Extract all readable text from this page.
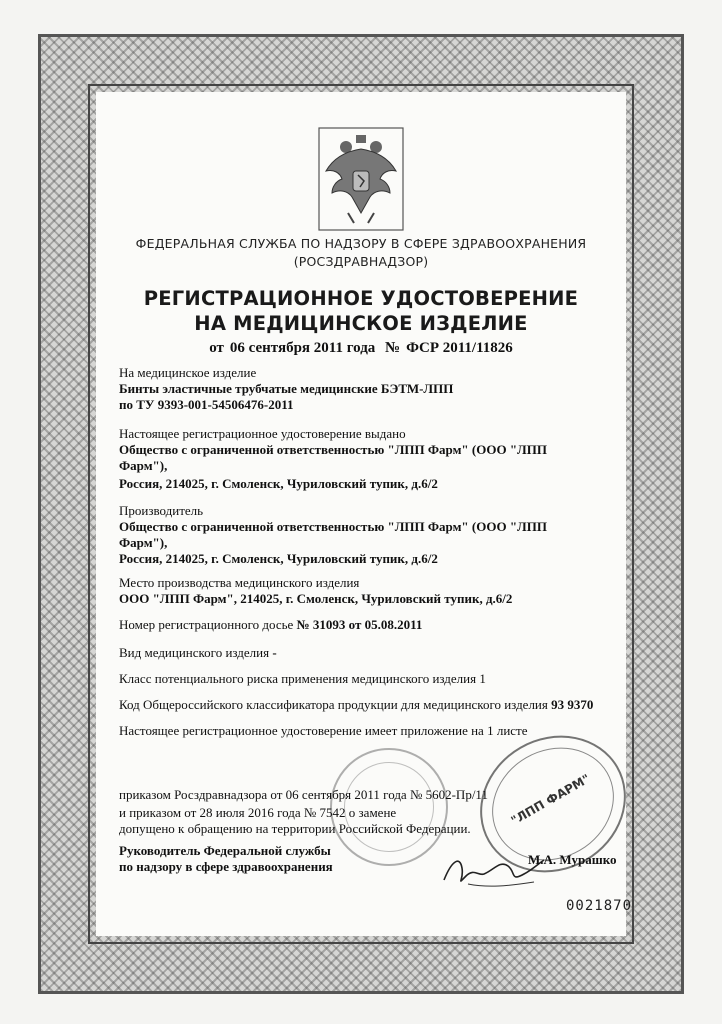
ФЕДЕРАЛЬНАЯ СЛУЖБА ПО НАДЗОРУ В СФЕРЕ ЗДРАВООХРАНЕНИЯ
(РОСЗДРАВНАДЗОР)
РЕГИСТРАЦИОННОЕ УДОСТОВЕРЕНИЕ
НА МЕДИЦИНСКОЕ ИЗДЕЛИЕ
от 06 сентября 2011 года № ФСР 2011/11826
На медицинское изделие
Бинты эластичные трубчатые медицинские БЭТМ-ЛПП
по ТУ 9393-001-54506476-2011
Настоящее регистрационное удостоверение выдано
Общество с ограниченной ответственностью "ЛПП Фарм" (ООО "ЛПП
Фарм"),
Россия, 214025, г. Смоленск, Чуриловский тупик, д.6/2
Производитель
Общество с ограниченной ответственностью "ЛПП Фарм" (ООО "ЛПП
Фарм"),
Россия, 214025, г. Смоленск, Чуриловский тупик, д.6/2
Место производства медицинского изделия
ООО "ЛПП Фарм", 214025, г. Смоленск, Чуриловский тупик, д.6/2
Номер регистрационного досье № 31093 от 05.08.2011
Вид медицинского изделия -
Класс потенциального риска применения медицинского изделия 1
Код Общероссийского классификатора продукции для медицинского изделия 93 9370
Настоящее регистрационное удостоверение имеет приложение на 1 листе
"ЛПП ФАРМ"
приказом Росздравнадзора от 06 сентября 2011 года № 5602-Пр/11
и приказом от 28 июля 2016 года № 7542 о замене
допущено к обращению на территории Российской Федерации.
Руководитель Федеральной службы
по надзору в сфере здравоохранения	М.А. Мурашко
0021870
